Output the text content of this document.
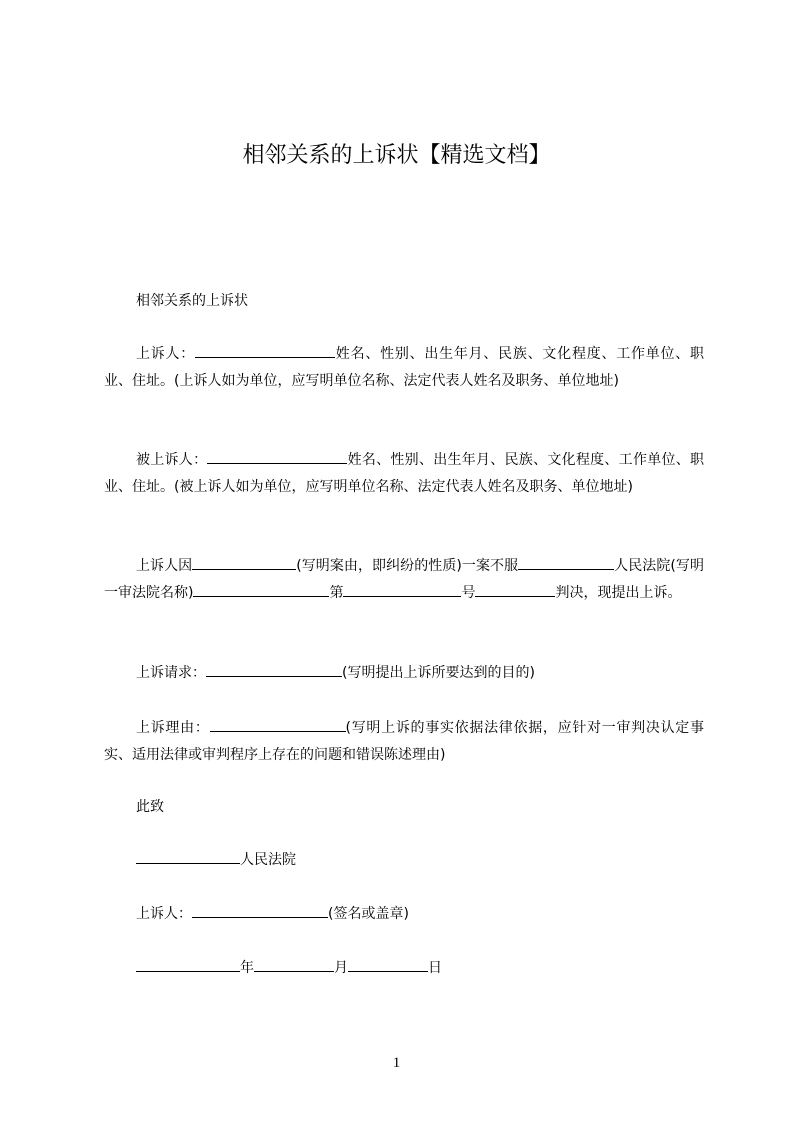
相邻关系的上诉状【精选文档】

相邻关系的上诉状

上诉人：	姓名、性别、出生年月、民族、文化程度、工作单位、职业、住址。(上诉人如为单位，应写明单位名称、法定代表人姓名及职务、单位地址)

被上诉人：	姓名、性别、出生年月、民族、文化程度、工作单位、职业、住址。(被上诉人如为单位，应写明单位名称、法定代表人姓名及职务、单位地址)

上诉人因	(写明案由，即纠纷的性质)一案不服	人民法院(写明一审法院名称)	第	号	判决，现提出上诉。

上诉请求：	(写明提出上诉所要达到的目的)

上诉理由：	(写明上诉的事实依据法律依据，应针对一审判决认定事实、适用法律或审判程序上存在的问题和错误陈述理由)

此致

人民法院

上诉人：	(签名或盖章)

年	月	日

1
